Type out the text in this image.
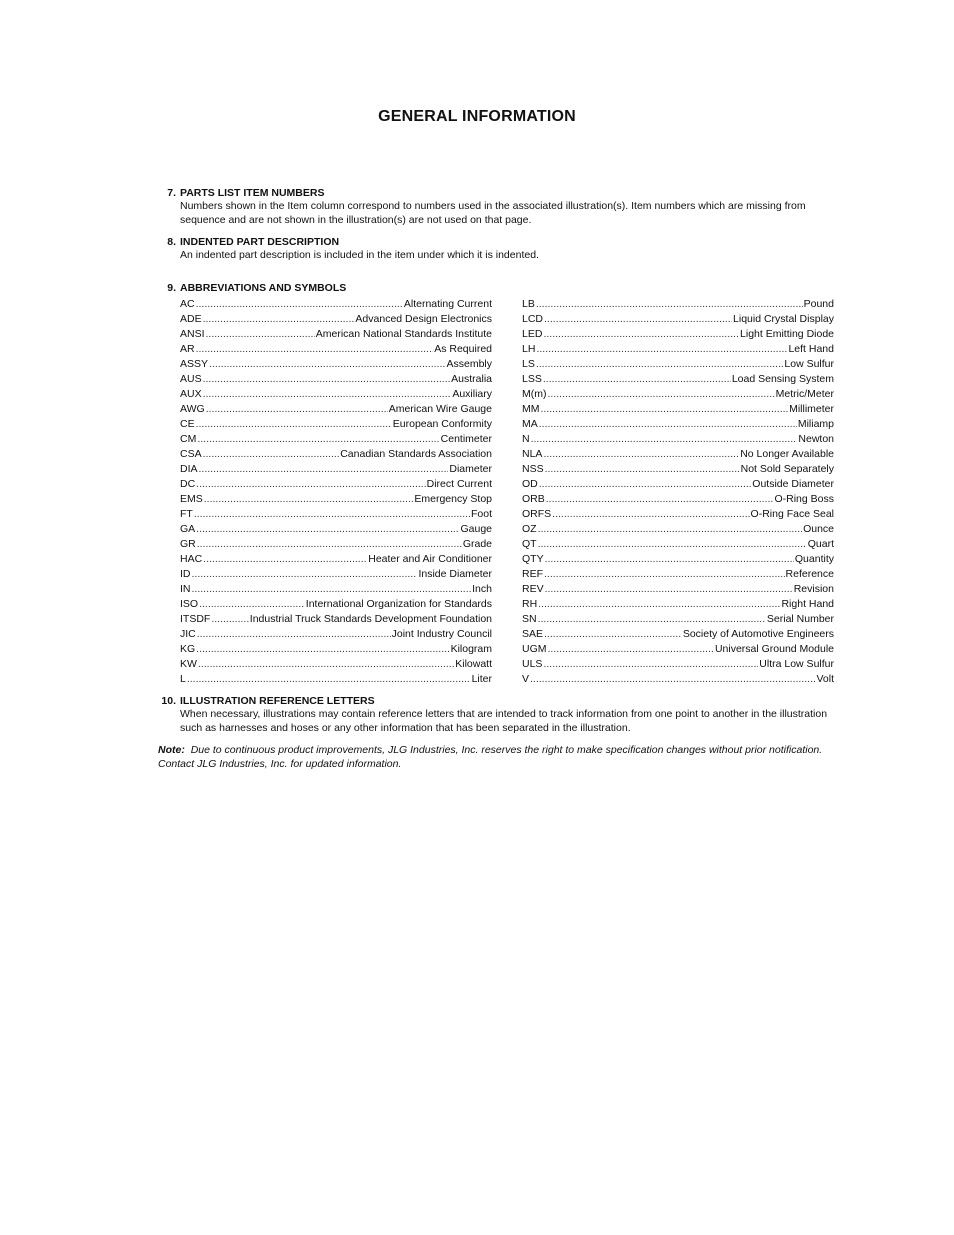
GENERAL INFORMATION
7. PARTS LIST ITEM NUMBERS
Numbers shown in the Item column correspond to numbers used in the associated illustration(s). Item numbers which are missing from sequence and are not shown in the illustration(s) are not used on that page.
8. INDENTED PART DESCRIPTION
An indented part description is included in the item under which it is indented.
9. ABBREVIATIONS AND SYMBOLS
AC .....	Alternating Current
ADE .....	Advanced Design Electronics
ANSI .....	American National Standards Institute
AR .....	As Required
ASSY .....	Assembly
AUS .....	Australia
AUX .....	Auxiliary
AWG .....	American Wire Gauge
CE .....	European Conformity
CM .....	Centimeter
CSA .....	Canadian Standards Association
DIA .....	Diameter
DC .....	Direct Current
EMS .....	Emergency Stop
FT .....	Foot
GA .....	Gauge
GR .....	Grade
HAC .....	Heater and Air Conditioner
ID .....	Inside Diameter
IN .....	Inch
ISO .....	International Organization for Standards
ITSDF .....	Industrial Truck Standards Development Foundation
JIC .....	Joint Industry Council
KG .....	Kilogram
KW .....	Kilowatt
L .....	Liter
LB .....	Pound
LCD .....	Liquid Crystal Display
LED .....	Light Emitting Diode
LH .....	Left Hand
LS .....	Low Sulfur
LSS .....	Load Sensing System
M(m) .....	Metric/Meter
MM .....	Millimeter
MA .....	Miliamp
N .....	Newton
NLA .....	No Longer Available
NSS .....	Not Sold Separately
OD .....	Outside Diameter
ORB .....	O-Ring Boss
ORFS .....	O-Ring Face Seal
OZ .....	Ounce
QT .....	Quart
QTY .....	Quantity
REF .....	Reference
REV .....	Revision
RH .....	Right Hand
SN .....	Serial Number
SAE .....	Society of Automotive Engineers
UGM .....	Universal Ground Module
ULS .....	Ultra Low Sulfur
V .....	Volt
10. ILLUSTRATION REFERENCE LETTERS
When necessary, illustrations may contain reference letters that are intended to track information from one point to another in the illustration such as harnesses and hoses or any other information that has been separated in the illustration.
Note: Due to continuous product improvements, JLG Industries, Inc. reserves the right to make specification changes without prior notification. Contact JLG Industries, Inc. for updated information.
